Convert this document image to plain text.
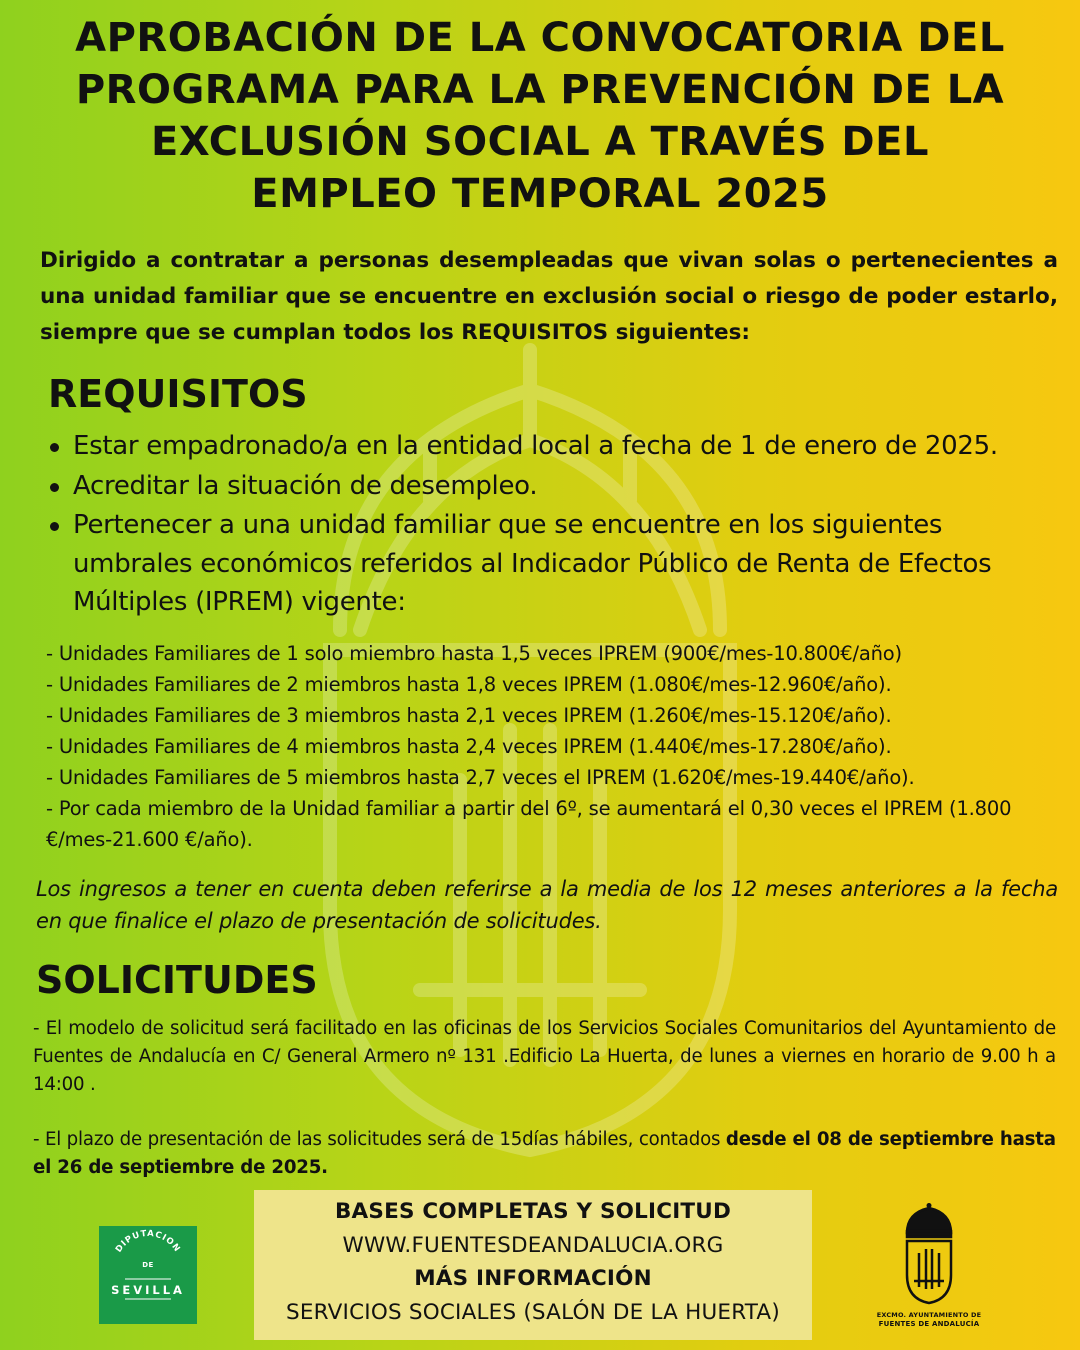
APROBACIÓN DE LA CONVOCATORIA DEL
PROGRAMA PARA LA PREVENCIÓN DE LA
EXCLUSIÓN SOCIAL A TRAVÉS DEL
EMPLEO TEMPORAL 2025

Dirigido a contratar a personas desempleadas que vivan solas o pertenecientes a una unidad familiar que se encuentre en exclusión social o riesgo de poder estarlo, siempre que se cumplan todos los REQUISITOS siguientes:

REQUISITOS
Estar empadronado/a en la entidad local a fecha de 1 de enero de 2025.
Acreditar la situación de desempleo.
Pertenecer a una unidad familiar que se encuentre en los siguientes umbrales económicos referidos al Indicador Público de Renta de Efectos Múltiples (IPREM) vigente:
- Unidades Familiares de 1 solo miembro hasta 1,5 veces IPREM (900€/mes-10.800€/año)
- Unidades Familiares de 2 miembros hasta 1,8 veces IPREM (1.080€/mes-12.960€/año).
- Unidades Familiares de 3 miembros hasta 2,1 veces IPREM (1.260€/mes-15.120€/año).
- Unidades Familiares de 4 miembros hasta 2,4 veces IPREM (1.440€/mes-17.280€/año).
- Unidades Familiares de 5 miembros hasta 2,7 veces el IPREM (1.620€/mes-19.440€/año).
- Por cada miembro de la Unidad familiar a partir del 6º, se aumentará el 0,30 veces el IPREM (1.800 €/mes-21.600 €/año).

Los ingresos a tener en cuenta deben referirse a la media de los 12 meses anteriores a la fecha en que finalice el plazo de presentación de solicitudes.

SOLICITUDES

- El modelo de solicitud será facilitado en las oficinas de los Servicios Sociales Comunitarios del Ayuntamiento de Fuentes de Andalucía en C/ General Armero nº 131 .Edificio La Huerta, de lunes a viernes en horario de 9.00 h a 14:00 .

- El plazo de presentación de las solicitudes será de 15días hábiles, contados desde el 08 de septiembre hasta el 26 de septiembre de 2025.

BASES COMPLETAS Y SOLICITUD
WWW.FUENTESDEANDALUCIA.ORG
MÁS INFORMACIÓN
SERVICIOS SOCIALES (SALÓN DE LA HUERTA)
DIPUTACION
DE
SEVILLA
EXCMO. AYUNTAMIENTO DE
FUENTES DE ANDALUCÍA
